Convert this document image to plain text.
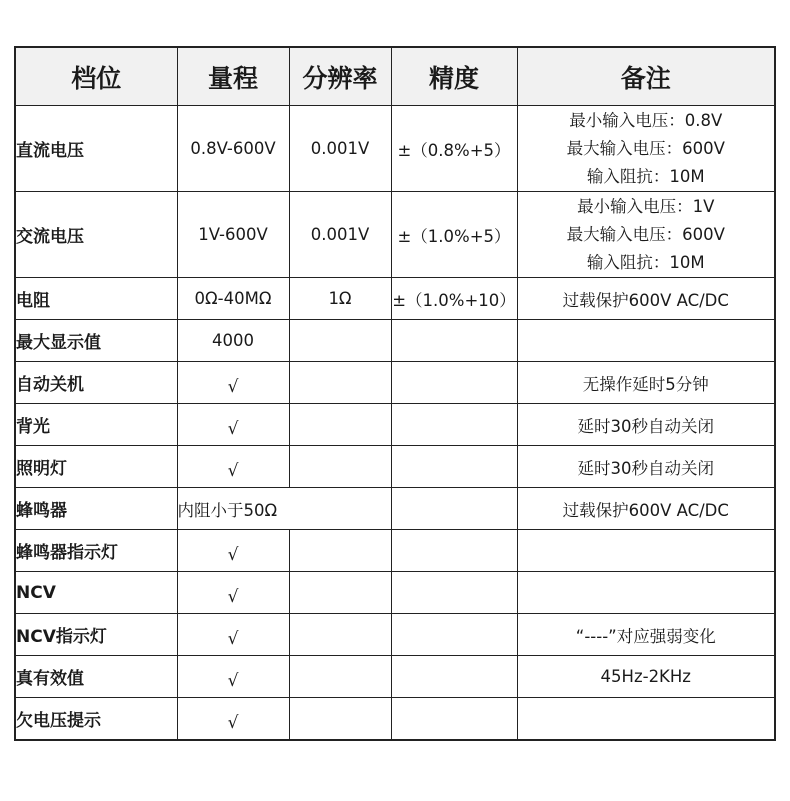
档位	量程	分辨率	精度	备注
直流电压	0.8V-600V	0.001V	±（0.8%+5）	最小输入电压：0.8V
最大输入电压：600V
输入阻抗：10M

交流电压	1V-600V	0.001V	±（1.0%+5）	最小输入电压：1V
最大输入电压：600V
输入阻抗：10M

电阻	0Ω-40MΩ	1Ω	±（1.0%+10）	过载保护600V AC/DC
最大显示值	4000			
自动关机	√			无操作延时5分钟
背光	√			延时30秒自动关闭
照明灯	√			延时30秒自动关闭
蜂鸣器	内阻小于50Ω			过载保护600V AC/DC
蜂鸣器指示灯	√			
NCV	√			
NCV指示灯	√			“----”对应强弱变化
真有效值	√			45Hz-2KHz
欠电压提示	√			
